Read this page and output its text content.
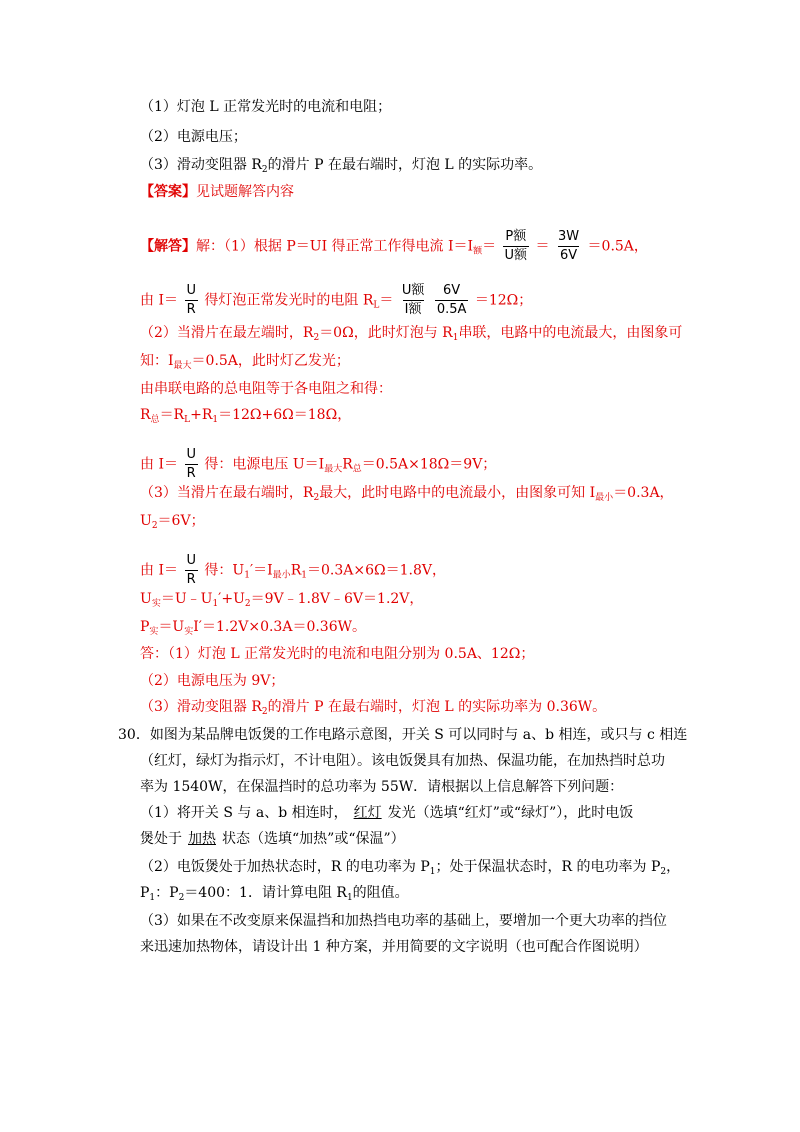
（1）灯泡 L 正常发光时的电流和电阻；
（2）电源电压；
（3）滑动变阻器 $R_2$的滑片 P 在最右端时，灯泡 L 的实际功率。
【答案】见试题解答内容
【解答】解：（1）根据 P＝UI 得正常工作得电流 $I=I_额= \frac{\text{P额}}{\text{U额}} = \frac{3W}{6V} =0.5A$，
由 $I= \frac{U}{R}$ 得灯泡正常发光时的电阻 $R_L= \frac{\text{U额}}{\text{I额}}$
$\frac{6V}{0.5A} =12\Omega$；
（2）当滑片在最左端时，$R_2=0\Omega$，此时灯泡与 $R_1$串联，电路中的电流最大，由图象可
知：$I_{最大}=0.5A$，此时灯乙发光；
由串联电路的总电阻等于各电阻之和得：
$R_总=R_L+R_1=12\Omega+6\Omega=18\Omega$，
由 $I= \frac{U}{R}$ 得：电源电压 $U=I_{最大}R_总=0.5A\times 18\Omega=9V$；
（3）当滑片在最右端时，$R_2$最大，此时电路中的电流最小，由图象可知 $I_{最小}=0.3A$，
$U_2=6V$；
由 $I= \frac{U}{R}$ 得：$U_1'=I_{最小}R_1=0.3A\times 6\Omega=1.8V$，
$U_实=U﹣U_1'+U_2=9V﹣1.8V﹣6V=1.2V$，
$P_实=U_实I'=1.2V\times 0.3A=0.36W$。
答：（1）灯泡 L 正常发光时的电流和电阻分别为 0.5A、12Ω；
（2）电源电压为 9V；
（3）滑动变阻器 $R_2$的滑片 P 在最右端时，灯泡 L 的实际功率为 0.36W。
30．如图为某品牌电饭煲的工作电路示意图，开关 S 可以同时与 a、b 相连，或只与 c 相连
（红灯，绿灯为指示灯，不计电阻）。该电饭煲具有加热、保温功能，在加热挡时总功
率为 1540W，在保温挡时的总功率为 55W．请根据以上信息解答下列问题：
（1）将开关 S 与 a、b 相连时， 红灯 发光（选填“红灯”或“绿灯”），此时电饭
煲处于 加热 状态（选填“加热”或“保温”）
（2）电饭煲处于加热状态时，R 的电功率为 $P_1$；处于保温状态时，R 的电功率为 $P_2$，
$P_1$：$P_2=400$：1．请计算电阻 $R_1$的阻值。
（3）如果在不改变原来保温挡和加热挡电功率的基础上，要增加一个更大功率的挡位
来迅速加热物体，请设计出 1 种方案，并用简要的文字说明（也可配合作图说明）
